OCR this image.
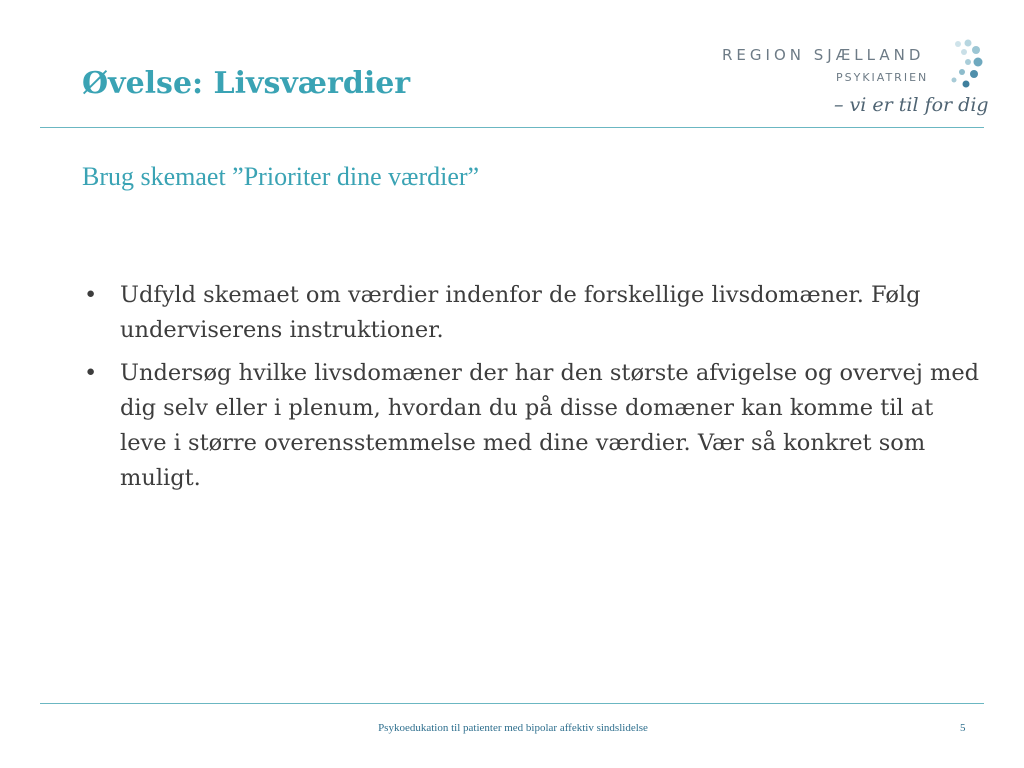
REGION SJÆLLAND
PSYKIATRIEN
– vi er til for dig
Øvelse: Livsværdier
Brug skemaet ”Prioriter dine værdier”
• Udfyld skemaet om værdier indenfor de forskellige livsdomæner. Følg underviserens instruktioner.
• Undersøg hvilke livsdomæner der har den største afvigelse og overvej med dig selv eller i plenum, hvordan du på disse domæner kan komme til at leve i større overensstemmelse med dine værdier. Vær så konkret som muligt.
Psykoedukation til patienter med bipolar affektiv sindslidelse	5
